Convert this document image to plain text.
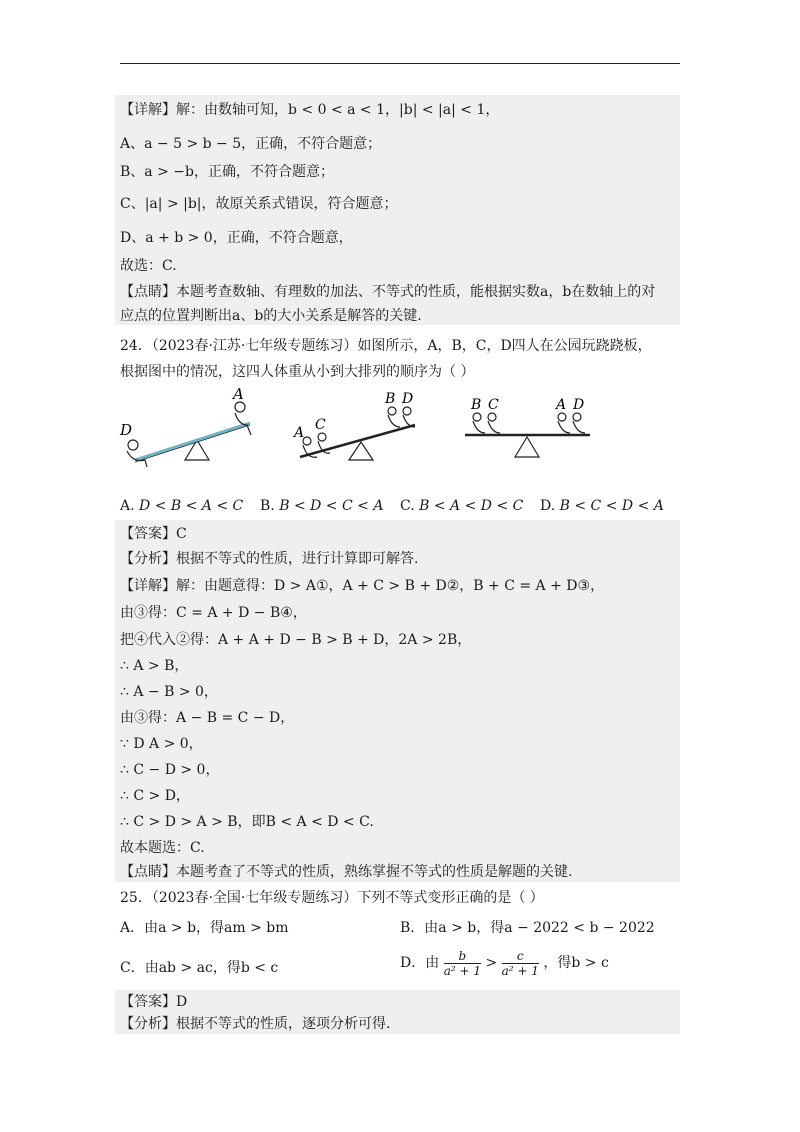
【详解】解：由数轴可知，b < 0 < a < 1，|b| < |a| < 1，
A、a − 5 > b − 5，正确，不符合题意；
B、a > −b，正确，不符合题意；
C、|a| > |b|，故原关系式错误，符合题意；
D、a + b > 0，正确，不符合题意，
故选：C.
【点睛】本题考查数轴、有理数的加法、不等式的性质，能根据实数a，b在数轴上的对
应点的位置判断出a、b的大小关系是解答的关键.
24．（2023春·江苏·七年级专题练习）如图所示，A，B，C，D四人在公园玩跷跷板，
根据图中的情况，这四人体重从小到大排列的顺序为（ ）
D
A
A C
B D	B C	A D
A. D < B < A < C B. B < D < C < A C. B < A < D < C D. B < C < D < A
【答案】C
【分析】根据不等式的性质，进行计算即可解答.
【详解】解：由题意得：D > A①，A + C > B + D②，B + C = A + D③，
由③得：C = A + D − B④，
把④代入②得：A + A + D − B > B + D，2A > 2B，
∴ A > B，
∴ A − B > 0，
由③得：A − B = C − D，
∵ D A > 0，
∴ C − D > 0，
∴ C > D，
∴ C > D > A > B，即B < A < D < C.
故本题选：C.
【点睛】本题考查了不等式的性质，熟练掌握不等式的性质是解题的关键.
25．（2023春·全国·七年级专题练习）下列不等式变形正确的是（ ）
A．由a > b，得am > bm	B．由a > b，得a − 2022 < b − 2022
C．由ab > ac，得b < c	D．由 $\frac{b}{\text{a² + 1}} > \frac{c}{\text{a² + 1}}$ ，得b > c
【答案】D
【分析】根据不等式的性质，逐项分析可得.
